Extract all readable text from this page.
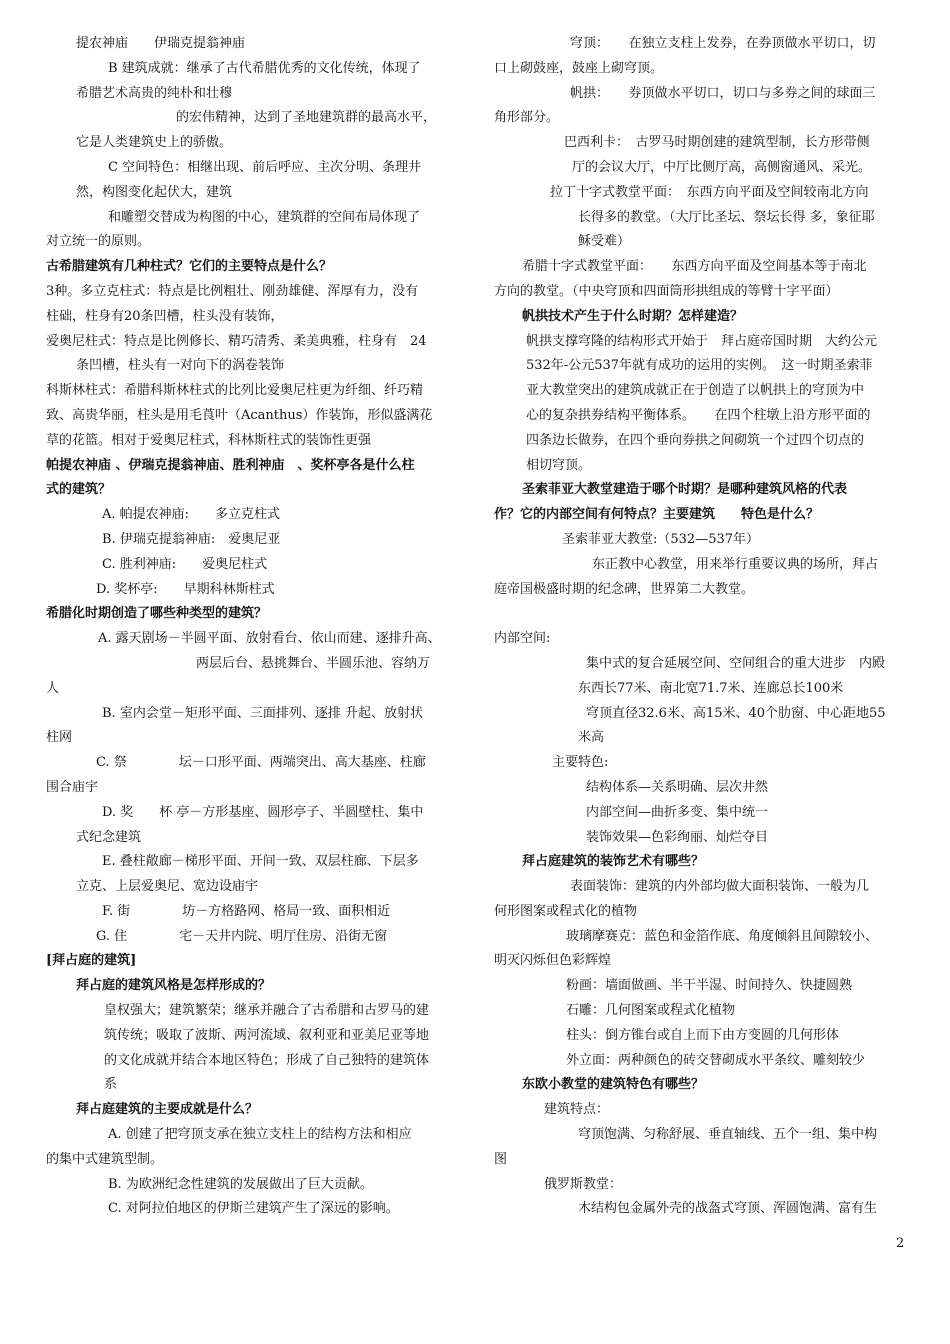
提农神庙　　伊瑞克提翁神庙
B 建筑成就：继承了古代希腊优秀的文化传统，体现了
希腊艺术高贵的纯朴和壮穆
的宏伟精神，达到了圣地建筑群的最高水平，
它是人类建筑史上的骄傲。
C 空间特色：相继出现、前后呼应、主次分明、条理井
然，构图变化起伏大，建筑
和雕塑交替成为构图的中心，建筑群的空间布局体现了
对立统一的原则。
古希腊建筑有几种柱式？它们的主要特点是什么？
3种。多立克柱式：特点是比例粗壮、刚劲雄健、浑厚有力，没有
柱础，柱身有20条凹槽，柱头没有装饰，
爱奥尼柱式：特点是比例修长、精巧清秀、柔美典雅，柱身有　24
条凹槽，柱头有一对向下的涡卷装饰
科斯林柱式：希腊科斯林柱式的比列比爱奥尼柱更为纤细、纤巧精
致、高贵华丽，柱头是用毛莨叶（Acanthus）作装饰，形似盛满花
草的花篮。相对于爱奥尼柱式，科林斯柱式的装饰性更强
帕提农神庙 、伊瑞克提翁神庙、胜利神庙　、奖杯亭各是什么柱
式的建筑？
A. 帕提农神庙:　　多立克柱式
B. 伊瑞克提翁神庙:　爱奥尼亚
C. 胜利神庙:　　爱奥尼柱式
D. 奖杯亭:　　早期科林斯柱式
希腊化时期创造了哪些种类型的建筑？
A. 露天剧场－半圆平面、放射看台、依山而建、逐排升高、
两层后台、悬挑舞台、半圆乐池、容纳万
人
B. 室内会堂－矩形平面、三面排列、逐排 升起、放射状
柱网
C. 祭　　　　坛－口形平面、两端突出、高大基座、柱廊
围合庙宇
D. 奖　　杯 亭－方形基座、圆形亭子、半圆壁柱、集中
式纪念建筑
E. 叠柱敞廊－梯形平面、开间一致、双层柱廊、下层多
立克、上层爱奥尼、宽边设庙宇
F. 街　　　　坊－方格路网、格局一致、面积相近
G. 住　　　　宅－天井内院、明厅住房、沿街无窗
[拜占庭的建筑]
拜占庭的建筑风格是怎样形成的？
皇权强大；建筑繁荣；继承并融合了古希腊和古罗马的建
筑传统；吸取了波斯、两河流域、叙利亚和亚美尼亚等地
的文化成就并结合本地区特色；形成了自己独特的建筑体
系
拜占庭建筑的主要成就是什么？
A. 创建了把穹顶支承在独立支柱上的结构方法和相应
的集中式建筑型制。
B. 为欧洲纪念性建筑的发展做出了巨大贡献。
C. 对阿拉伯地区的伊斯兰建筑产生了深远的影响。
穹顶：　　在独立支柱上发券，在券顶做水平切口，切
口上砌鼓座，鼓座上砌穹顶。
帆拱：　　券顶做水平切口，切口与多券之间的球面三
角形部分。
巴西利卡：　古罗马时期创建的建筑型制，长方形带侧
厅的会议大厅，中厅比侧厅高，高侧窗通风、采光。
拉丁十字式教堂平面：　东西方向平面及空间较南北方向
长得多的教堂。（大厅比圣坛、祭坛长得 多，象征耶
稣受难）
希腊十字式教堂平面：　　东西方向平面及空间基本等于南北
方向的教堂。（中央穹顶和四面筒形拱组成的等臂十字平面）
帆拱技术产生于什么时期？怎样建造？
帆拱支撑穹隆的结构形式开始于　拜占庭帝国时期　大约公元
532年-公元537年就有成功的运用的实例。　这一时期圣索菲
亚大教堂突出的建筑成就正在于创造了以帆拱上的穹顶为中
心的复杂拱券结构平衡体系。　　在四个柱墩上沿方形平面的
四条边长做券，在四个垂向券拱之间砌筑一个过四个切点的
相切穹顶。
圣索菲亚大教堂建造于哪个时期？是哪种建筑风格的代表
作？它的内部空间有何特点？主要建筑　　特色是什么？
圣索菲亚大教堂:（532—537年）
东正教中心教堂，用来举行重要议典的场所，拜占
庭帝国极盛时期的纪念碑，世界第二大教堂。

内部空间:
集中式的复合延展空间、空间组合的重大进步　内殿
东西长77米、南北宽71.7米、连廊总长100米
穹顶直径32.6米、高15米、40个肋窗、中心距地55
米高
主要特色:
结构体系—关系明确、层次井然
内部空间—曲折多变、集中统一
装饰效果—色彩绚丽、灿烂夺目
拜占庭建筑的装饰艺术有哪些？
表面装饰：建筑的内外部均做大面积装饰、一般为几
何形图案或程式化的植物
玻璃摩赛克：蓝色和金箔作底、角度倾斜且间隙较小、
明灭闪烁但色彩辉煌
粉画：墙面做画、半干半湿、时间持久、快捷圆熟
石雕：几何图案或程式化植物
柱头：倒方锥台或自上而下由方变圆的几何形体
外立面：两种颜色的砖交替砌成水平条纹、雕刻较少
东欧小教堂的建筑特色有哪些？
建筑特点：
穹顶饱满、匀称舒展、垂直轴线、五个一组、集中构
图
俄罗斯教堂：
木结构包金属外壳的战盔式穹顶、浑圆饱满、富有生
2
